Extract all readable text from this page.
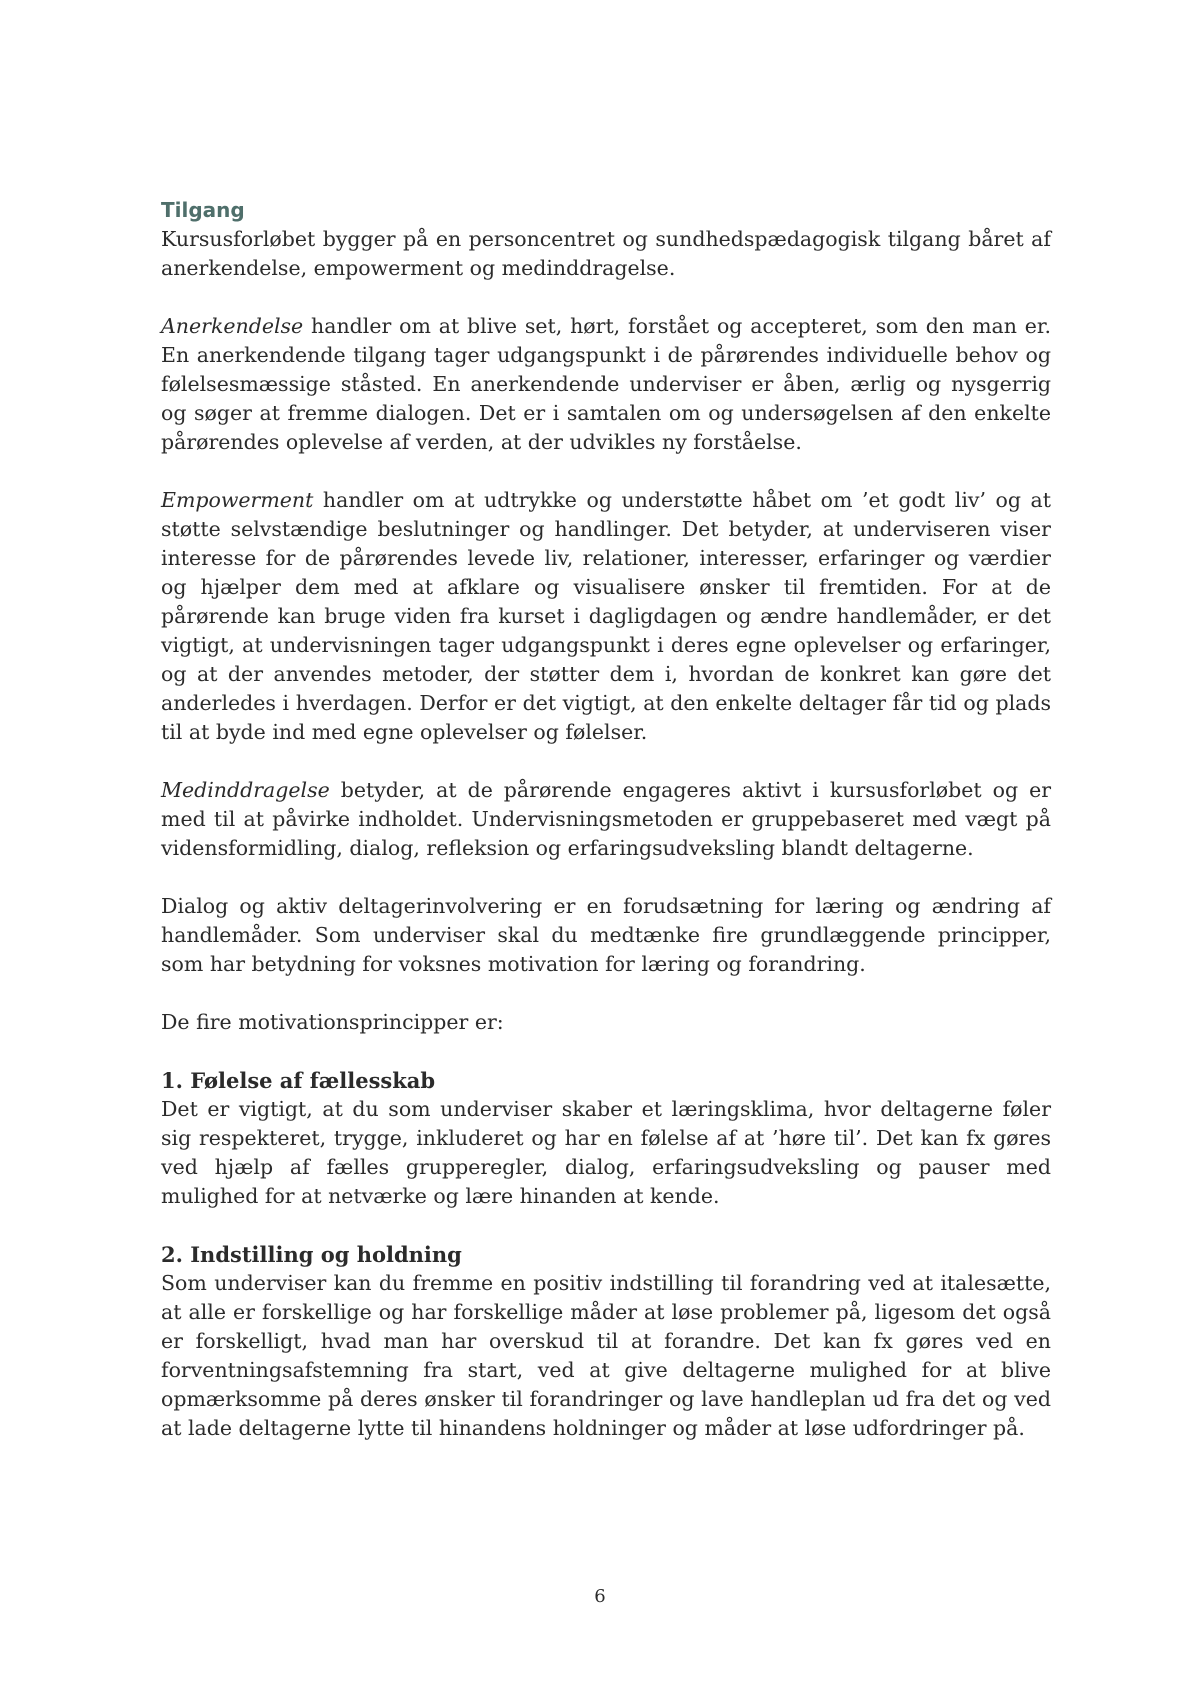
Tilgang

Kursusforløbet bygger på en personcentret og sundhedspædagogisk tilgang båret af anerkendelse, empowerment og medinddragelse.

Anerkendelse handler om at blive set, hørt, forstået og accepteret, som den man er. En anerkendende tilgang tager udgangspunkt i de pårørendes individuelle behov og følelsesmæssige ståsted. En anerkendende underviser er åben, ærlig og nysgerrig og søger at fremme dialogen. Det er i samtalen om og undersøgelsen af den enkelte pårørendes oplevelse af verden, at der udvikles ny forståelse.

Empowerment handler om at udtrykke og understøtte håbet om ’et godt liv’ og at støtte selvstændige beslutninger og handlinger. Det betyder, at underviseren viser interesse for de pårørendes levede liv, relationer, interesser, erfaringer og værdier og hjælper dem med at afklare og visualisere ønsker til fremtiden. For at de pårørende kan bruge viden fra kurset i dagligdagen og ændre handlemåder, er det vigtigt, at undervisningen tager udgangspunkt i deres egne oplevelser og erfaringer, og at der anvendes metoder, der støtter dem i, hvordan de konkret kan gøre det anderledes i hverdagen. Derfor er det vigtigt, at den enkelte deltager får tid og plads til at byde ind med egne oplevelser og følelser.

Medinddragelse betyder, at de pårørende engageres aktivt i kursusforløbet og er med til at påvirke indholdet. Undervisningsmetoden er gruppebaseret med vægt på vidensformidling, dialog, refleksion og erfaringsudveksling blandt deltagerne.

Dialog og aktiv deltagerinvolvering er en forudsætning for læring og ændring af handlemåder. Som underviser skal du medtænke fire grundlæggende principper, som har betydning for voksnes motivation for læring og forandring.

De fire motivationsprincipper er:

1. Følelse af fællesskab

Det er vigtigt, at du som underviser skaber et læringsklima, hvor deltagerne føler sig respekteret, trygge, inkluderet og har en følelse af at ’høre til’. Det kan fx gøres ved hjælp af fælles grupperegler, dialog, erfaringsudveksling og pauser med mulighed for at netværke og lære hinanden at kende.

2. Indstilling og holdning

Som underviser kan du fremme en positiv indstilling til forandring ved at italesætte, at alle er forskellige og har forskellige måder at løse problemer på, ligesom det også er forskelligt, hvad man har overskud til at forandre. Det kan fx gøres ved en forventningsafstemning fra start, ved at give deltagerne mulighed for at blive opmærksomme på deres ønsker til forandringer og lave handleplan ud fra det og ved at lade deltagerne lytte til hinandens holdninger og måder at løse udfordringer på.

6
